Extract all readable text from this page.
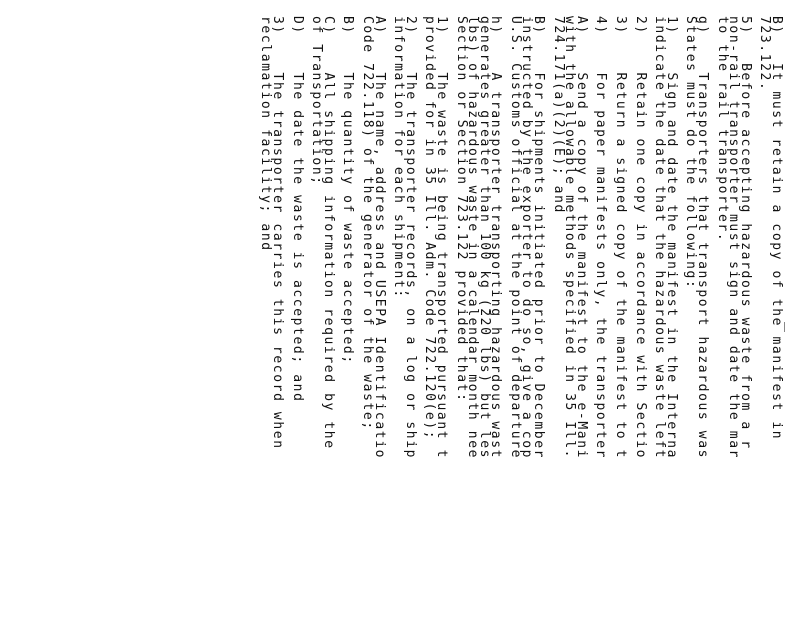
B)   It must retain a copy of the manifest in
723.122.
5)   Before accepting hazardous waste from a r
non-rail transporter must sign and date the mar
to the rail transporter.
g)    Transporters that transport hazardous was
States must do the following:
1)    Sign and date the manifest in the Interna
indicate the date that the hazardous waste left
2)    Retain one copy in accordance with Sectio
3)    Return a signed copy of the manifest to t
4)    For paper manifests only, the transporter
A)    Send a copy of the manifest to the e-Mani
with the allowable methods specified in 35 Ill.
724.171(a)(2)(E); and
B)    For shipments initiated prior to December
instructed by the exporter to do so, give a cop
U.S. Customs official at the point of departure
h)    A transporter transporting hazardous wast
generates greater than 100 kg (220 lbs) but les
lbs) of hazardous waste in a calendar month nee
Section or Section 723.122 provided that:
1)    The waste is being transported pursuant t
provided for in 35 Ill. Adm. Code 722.120(e);
2)    The transporter records, on a log or ship
information for each shipment:
A)    The name, address and USEPA Identificatio
Code 722.118) of the generator of the waste;
B)    The quantity of waste accepted;
C)    All shipping information required by the
of Transportation;
D)    The date the waste is accepted; and
3)    The transporter carries this record when
reclamation facility; and
